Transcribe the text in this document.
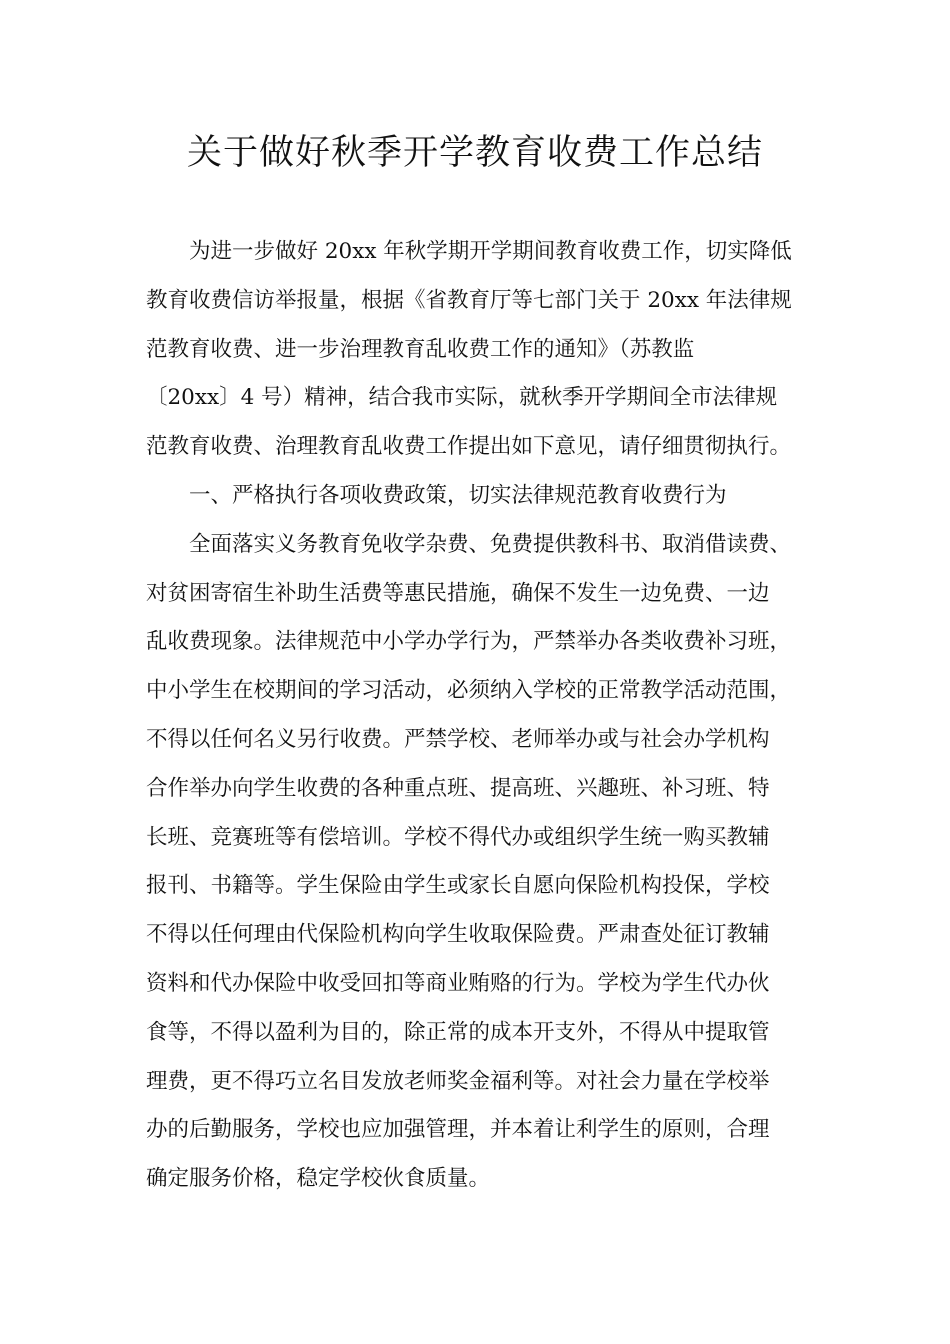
关于做好秋季开学教育收费工作总结
为进一步做好 20xx 年秋学期开学期间教育收费工作，切实降低
教育收费信访举报量，根据《省教育厅等七部门关于 20xx 年法律规
范教育收费、进一步治理教育乱收费工作的通知》（苏教监
〔20xx〕4 号）精神，结合我市实际，就秋季开学期间全市法律规
范教育收费、治理教育乱收费工作提出如下意见，请仔细贯彻执行。
一、严格执行各项收费政策，切实法律规范教育收费行为
全面落实义务教育免收学杂费、免费提供教科书、取消借读费、
对贫困寄宿生补助生活费等惠民措施，确保不发生一边免费、一边
乱收费现象。法律规范中小学办学行为，严禁举办各类收费补习班，
中小学生在校期间的学习活动，必须纳入学校的正常教学活动范围，
不得以任何名义另行收费。严禁学校、老师举办或与社会办学机构
合作举办向学生收费的各种重点班、提高班、兴趣班、补习班、特
长班、竞赛班等有偿培训。学校不得代办或组织学生统一购买教辅
报刊、书籍等。学生保险由学生或家长自愿向保险机构投保，学校
不得以任何理由代保险机构向学生收取保险费。严肃查处征订教辅
资料和代办保险中收受回扣等商业贿赂的行为。学校为学生代办伙
食等，不得以盈利为目的，除正常的成本开支外，不得从中提取管
理费，更不得巧立名目发放老师奖金福利等。对社会力量在学校举
办的后勤服务，学校也应加强管理，并本着让利学生的原则，合理
确定服务价格，稳定学校伙食质量。
